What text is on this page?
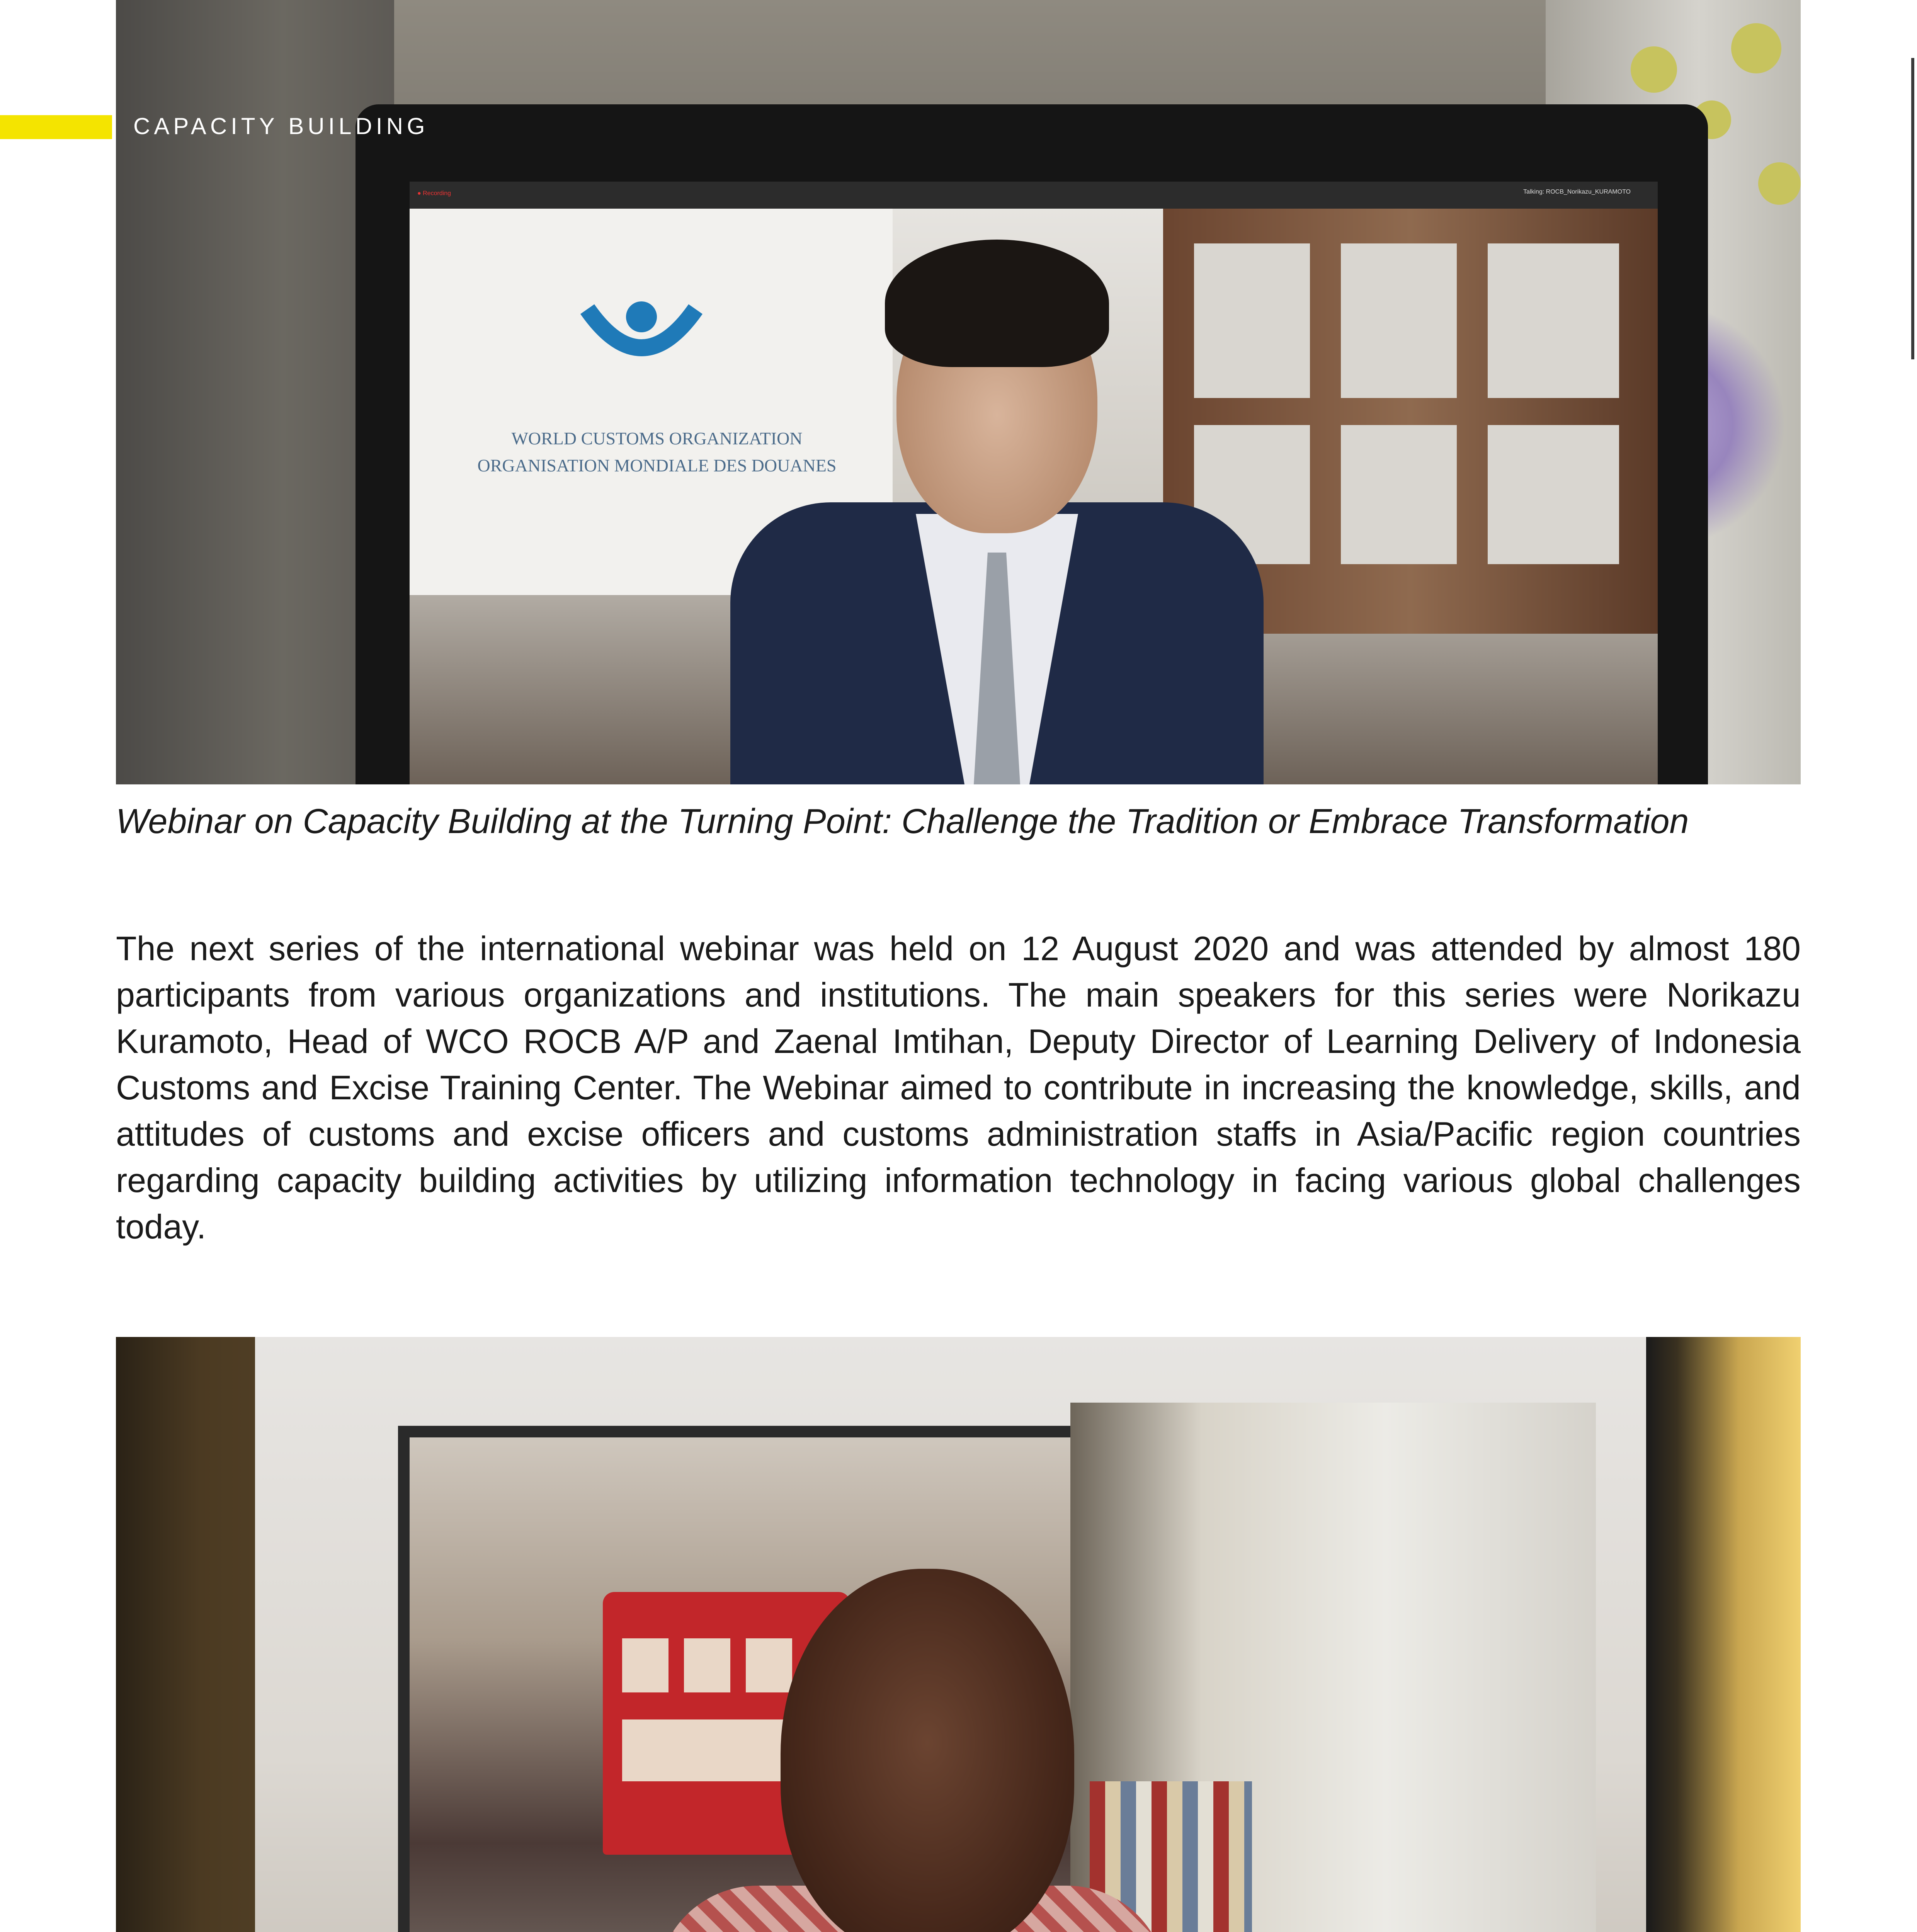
● Recording	Talking: ROCB_Norikazu_KURAMOTO
WORLD CUSTOMS ORGANIZATION
ORGANISATION MONDIALE DES DOUANES
CAPACITY BUILDING
Webinar on Capacity Building at the Turning Point: Challenge the Tradition or Embrace Transformation
The next series of the international webinar was held on 12 August 2020 and was attended by almost 180 participants from various organizations and institutions. The main speakers for this series were Norikazu Kuramoto, Head of WCO ROCB A/P and Zaenal Imtihan, Deputy Director of Learning Delivery of Indonesia Customs and Excise Training Center. The Webinar aimed to contribute in increasing the knowledge, skills, and attitudes of customs and excise officers and customs administration staffs in Asia/Pacific region countries regarding capacity building activities by utilizing information technology in facing various global challenges today.
